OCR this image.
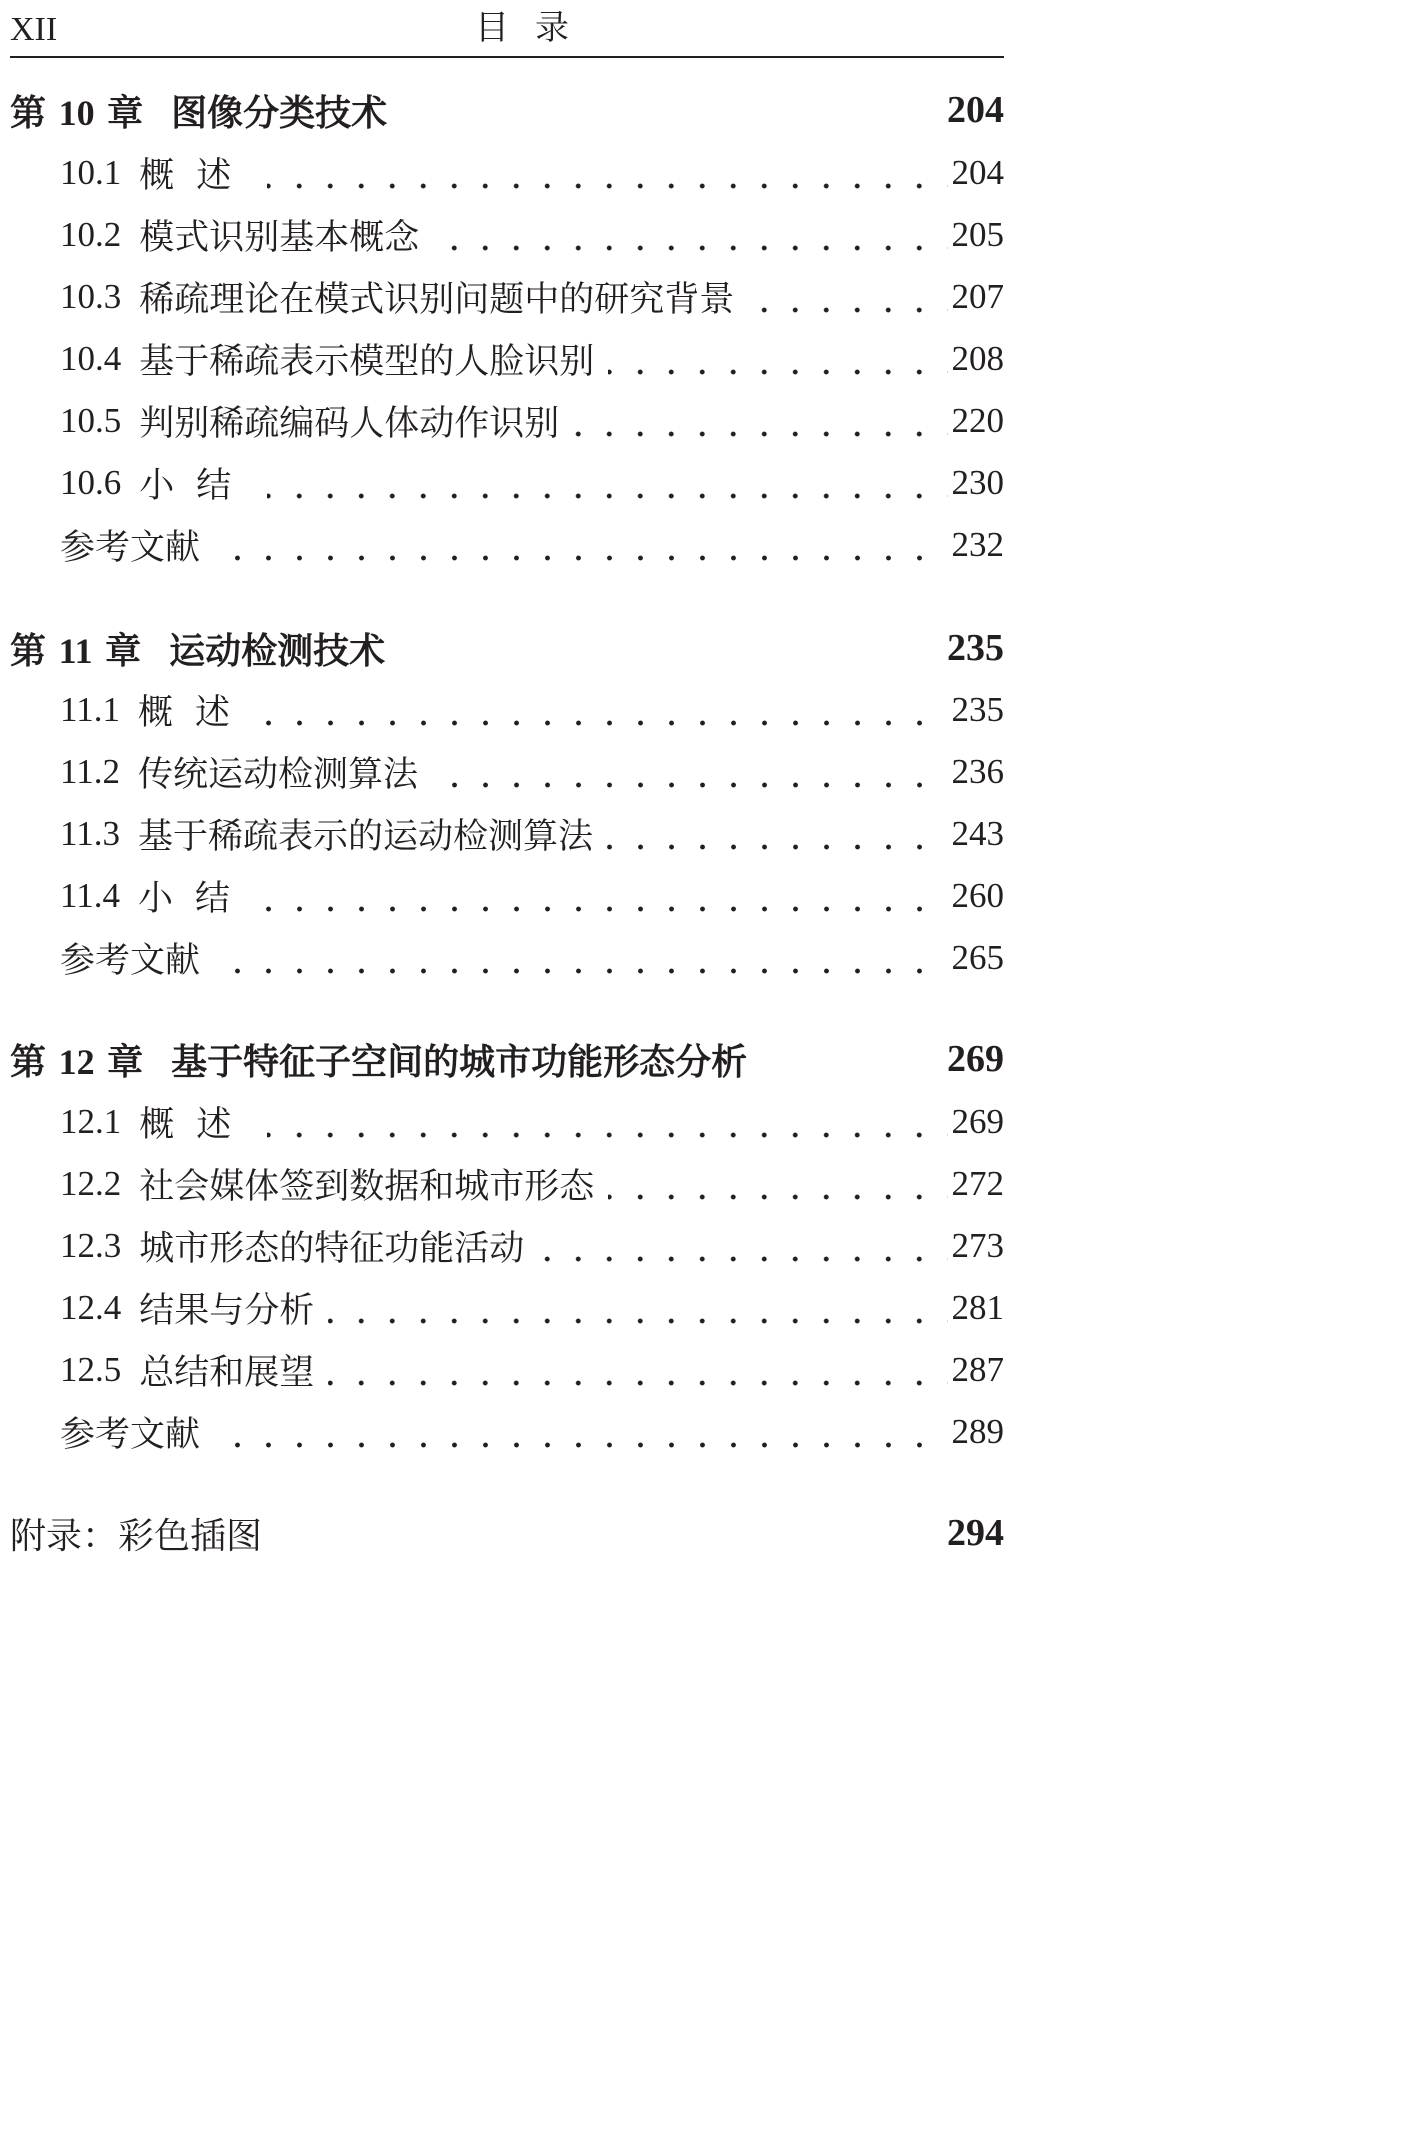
XII	目录
第 10 章 图像分类技术	204
10.1 概述	204
10.2 模式识别基本概念	205
10.3 稀疏理论在模式识别问题中的研究背景	207
10.4 基于稀疏表示模型的人脸识别	208
10.5 判别稀疏编码人体动作识别	220
10.6 小结	230
参考文献	232
第 11 章 运动检测技术	235
11.1 概述	235
11.2 传统运动检测算法	236
11.3 基于稀疏表示的运动检测算法	243
11.4 小结	260
参考文献	265
第 12 章 基于特征子空间的城市功能形态分析	269
12.1 概述	269
12.2 社会媒体签到数据和城市形态	272
12.3 城市形态的特征功能活动	273
12.4 结果与分析	281
12.5 总结和展望	287
参考文献	289
附录：彩色插图	294
